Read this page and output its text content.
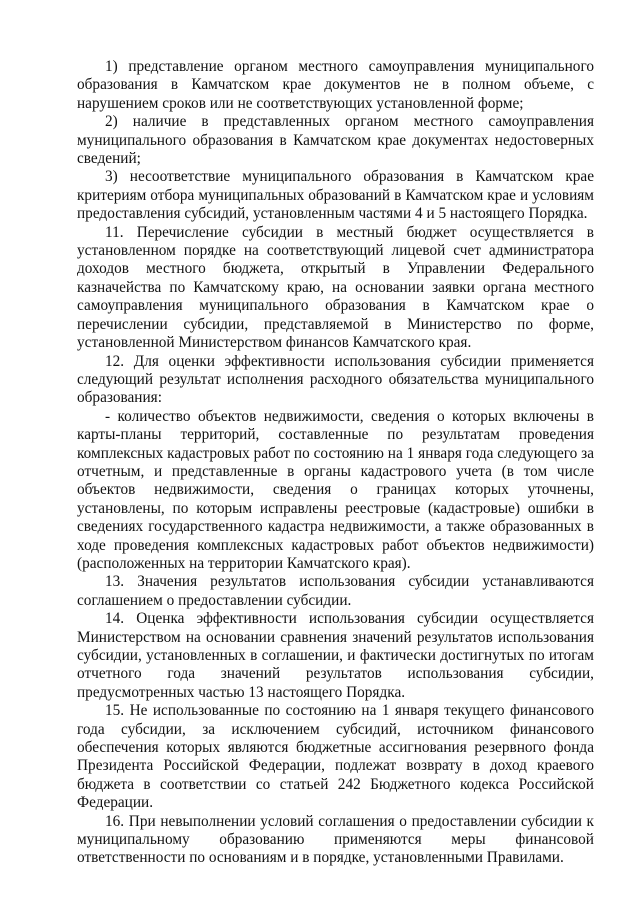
1) представление органом местного самоуправления муниципального образования в Камчатском крае документов не в полном объеме, с нарушением сроков или не соответствующих установленной форме;

2) наличие в представленных органом местного самоуправления муниципального образования в Камчатском крае документах недостоверных сведений;

3) несоответствие муниципального образования в Камчатском крае критериям отбора муниципальных образований в Камчатском крае и условиям предоставления субсидий, установленным частями 4 и 5 настоящего Порядка.

11. Перечисление субсидии в местный бюджет осуществляется в установленном порядке на соответствующий лицевой счет администратора доходов местного бюджета, открытый в Управлении Федерального казначейства по Камчатскому краю, на основании заявки органа местного самоуправления муниципального образования в Камчатском крае о перечислении субсидии, представляемой в Министерство по форме, установленной Министерством финансов Камчатского края.

12. Для оценки эффективности использования субсидии применяется следующий результат исполнения расходного обязательства муниципального образования:

- количество объектов недвижимости, сведения о которых включены в карты-планы территорий, составленные по результатам проведения комплексных кадастровых работ по состоянию на 1 января года следующего за отчетным, и представленные в органы кадастрового учета (в том числе объектов недвижимости, сведения о границах которых уточнены, установлены, по которым исправлены реестровые (кадастровые) ошибки в сведениях государственного кадастра недвижимости, а также образованных в ходе проведения комплексных кадастровых работ объектов недвижимости) (расположенных на территории Камчатского края).

13. Значения результатов использования субсидии устанавливаются соглашением о предоставлении субсидии.

14. Оценка эффективности использования субсидии осуществляется Министерством на основании сравнения значений результатов использования субсидии, установленных в соглашении, и фактически достигнутых по итогам отчетного года значений результатов использования субсидии, предусмотренных частью 13 настоящего Порядка.

15. Не использованные по состоянию на 1 января текущего финансового года субсидии, за исключением субсидий, источником финансового обеспечения которых являются бюджетные ассигнования резервного фонда Президента Российской Федерации, подлежат возврату в доход краевого бюджета в соответствии со статьей 242 Бюджетного кодекса Российской Федерации.

16. При невыполнении условий соглашения о предоставлении субсидии к муниципальному образованию применяются меры финансовой ответственности по основаниям и в порядке, установленными Правилами.
